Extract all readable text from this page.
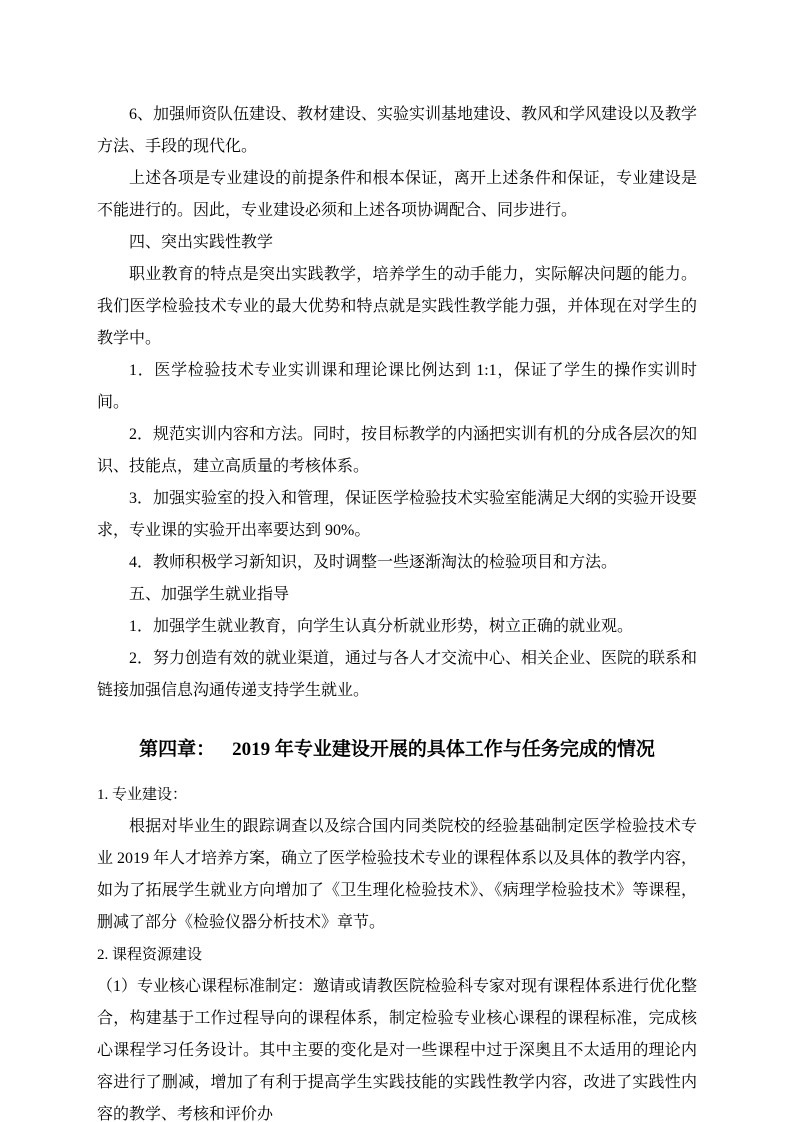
6、加强师资队伍建设、教材建设、实验实训基地建设、教风和学风建设以及教学方法、手段的现代化。

上述各项是专业建设的前提条件和根本保证，离开上述条件和保证，专业建设是不能进行的。因此，专业建设必须和上述各项协调配合、同步进行。

四、突出实践性教学

职业教育的特点是突出实践教学，培养学生的动手能力，实际解决问题的能力。我们医学检验技术专业的最大优势和特点就是实践性教学能力强，并体现在对学生的教学中。

1．医学检验技术专业实训课和理论课比例达到 1:1，保证了学生的操作实训时间。

2．规范实训内容和方法。同时，按目标教学的内涵把实训有机的分成各层次的知识、技能点，建立高质量的考核体系。

3．加强实验室的投入和管理，保证医学检验技术实验室能满足大纲的实验开设要求，专业课的实验开出率要达到 90%。

4．教师积极学习新知识，及时调整一些逐渐淘汰的检验项目和方法。

五、加强学生就业指导

1．加强学生就业教育，向学生认真分析就业形势，树立正确的就业观。

2．努力创造有效的就业渠道，通过与各人才交流中心、相关企业、医院的联系和链接加强信息沟通传递支持学生就业。

第四章： 2019 年专业建设开展的具体工作与任务完成的情况

1. 专业建设：

根据对毕业生的跟踪调查以及综合国内同类院校的经验基础制定医学检验技术专业 2019 年人才培养方案，确立了医学检验技术专业的课程体系以及具体的教学内容，如为了拓展学生就业方向增加了《卫生理化检验技术》、《病理学检验技术》等课程，删减了部分《检验仪器分析技术》章节。

2. 课程资源建设

（1）专业核心课程标准制定：邀请或请教医院检验科专家对现有课程体系进行优化整合，构建基于工作过程导向的课程体系，制定检验专业核心课程的课程标准，完成核心课程学习任务设计。其中主要的变化是对一些课程中过于深奥且不太适用的理论内容进行了删减，增加了有利于提高学生实践技能的实践性教学内容，改进了实践性内容的教学、考核和评价办
